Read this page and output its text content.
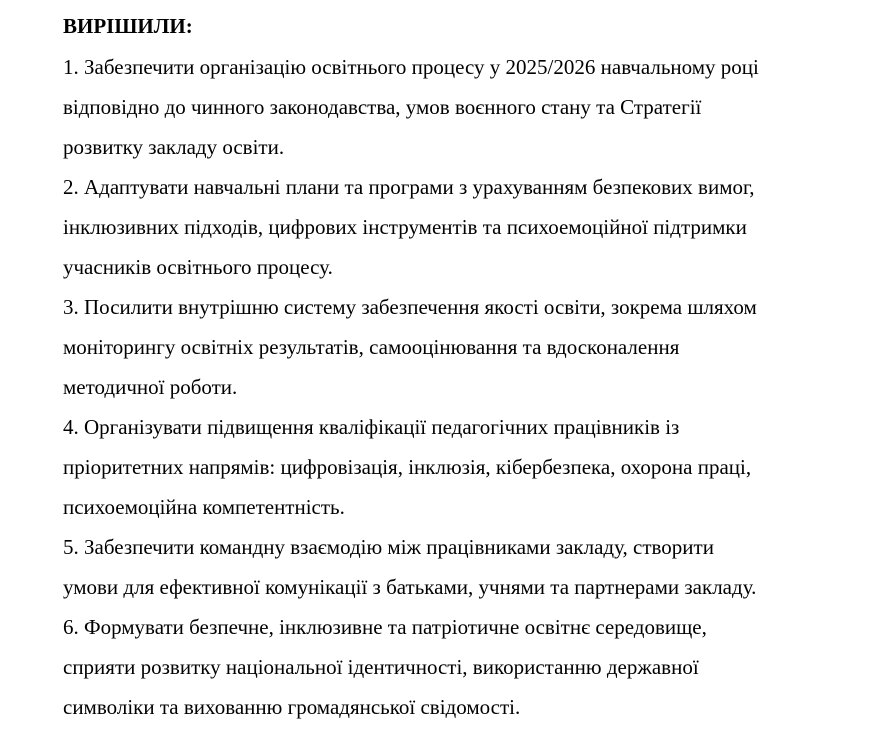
ВИРІШИЛИ:
1. Забезпечити організацію освітнього процесу у 2025/2026 навчальному році
відповідно до чинного законодавства, умов воєнного стану та Стратегії
розвитку закладу освіти.
2. Адаптувати навчальні плани та програми з урахуванням безпекових вимог,
інклюзивних підходів, цифрових інструментів та психоемоційної підтримки
учасників освітнього процесу.
3. Посилити внутрішню систему забезпечення якості освіти, зокрема шляхом
моніторингу освітніх результатів, самооцінювання та вдосконалення
методичної роботи.
4. Організувати підвищення кваліфікації педагогічних працівників із
пріоритетних напрямів: цифровізація, інклюзія, кібербезпека, охорона праці,
психоемоційна компетентність.
5. Забезпечити командну взаємодію між працівниками закладу, створити
умови для ефективної комунікації з батьками, учнями та партнерами закладу.
6. Формувати безпечне, інклюзивне та патріотичне освітнє середовище,
сприяти розвитку національної ідентичності, використанню державної
символіки та вихованню громадянської свідомості.
